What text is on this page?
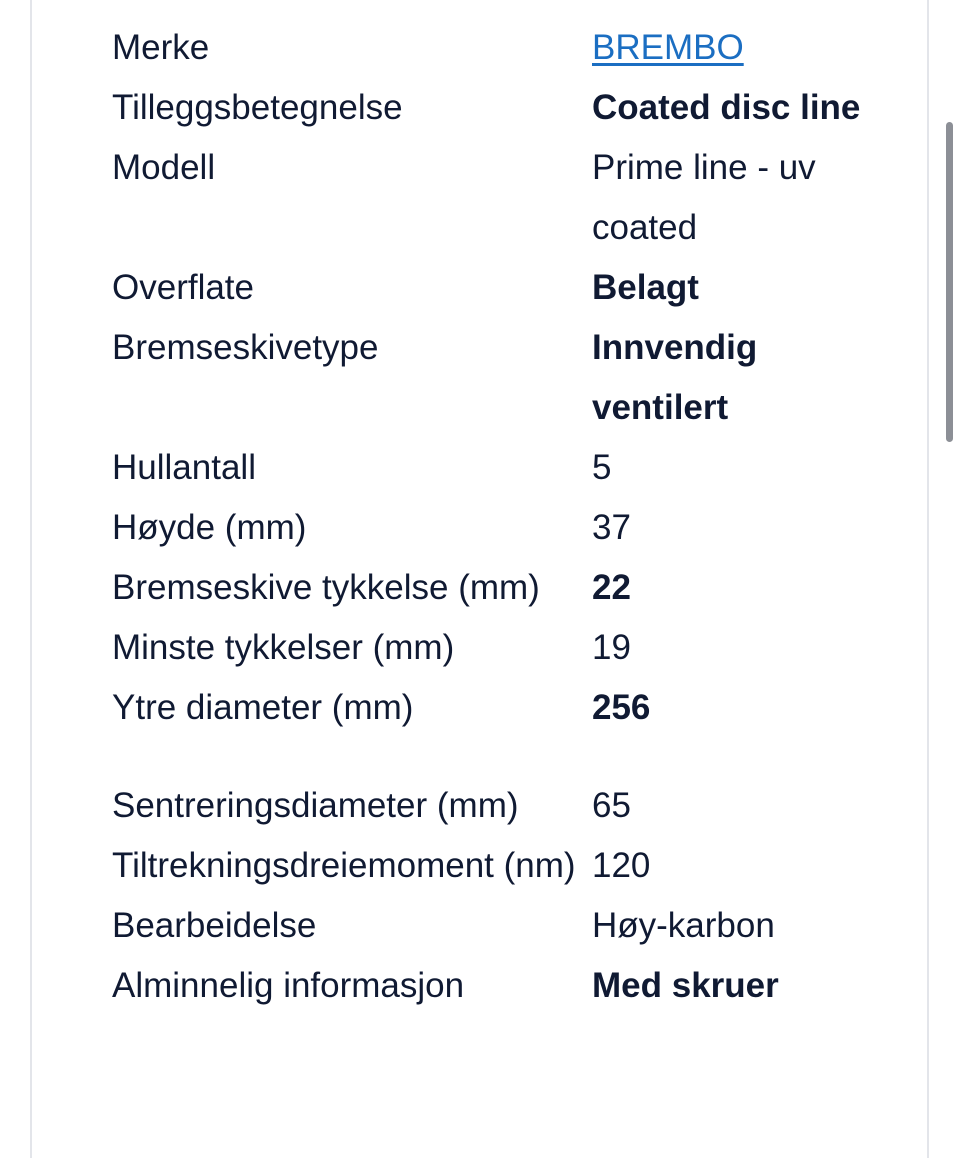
Merke	BREMBO
Tilleggsbetegnelse	Coated disc line
Modell	Prime line - uv coated
Overflate	Belagt
Bremseskivetype	Innvendig ventilert
Hullantall	5
Høyde (mm)	37
Bremseskive tykkelse (mm)	22
Minste tykkelser (mm)	19
Ytre diameter (mm)	256
Sentreringsdiameter (mm)	65
Tiltrekningsdreiemoment (nm)	120
Bearbeidelse	Høy-karbon
Alminnelig informasjon	Med skruer
